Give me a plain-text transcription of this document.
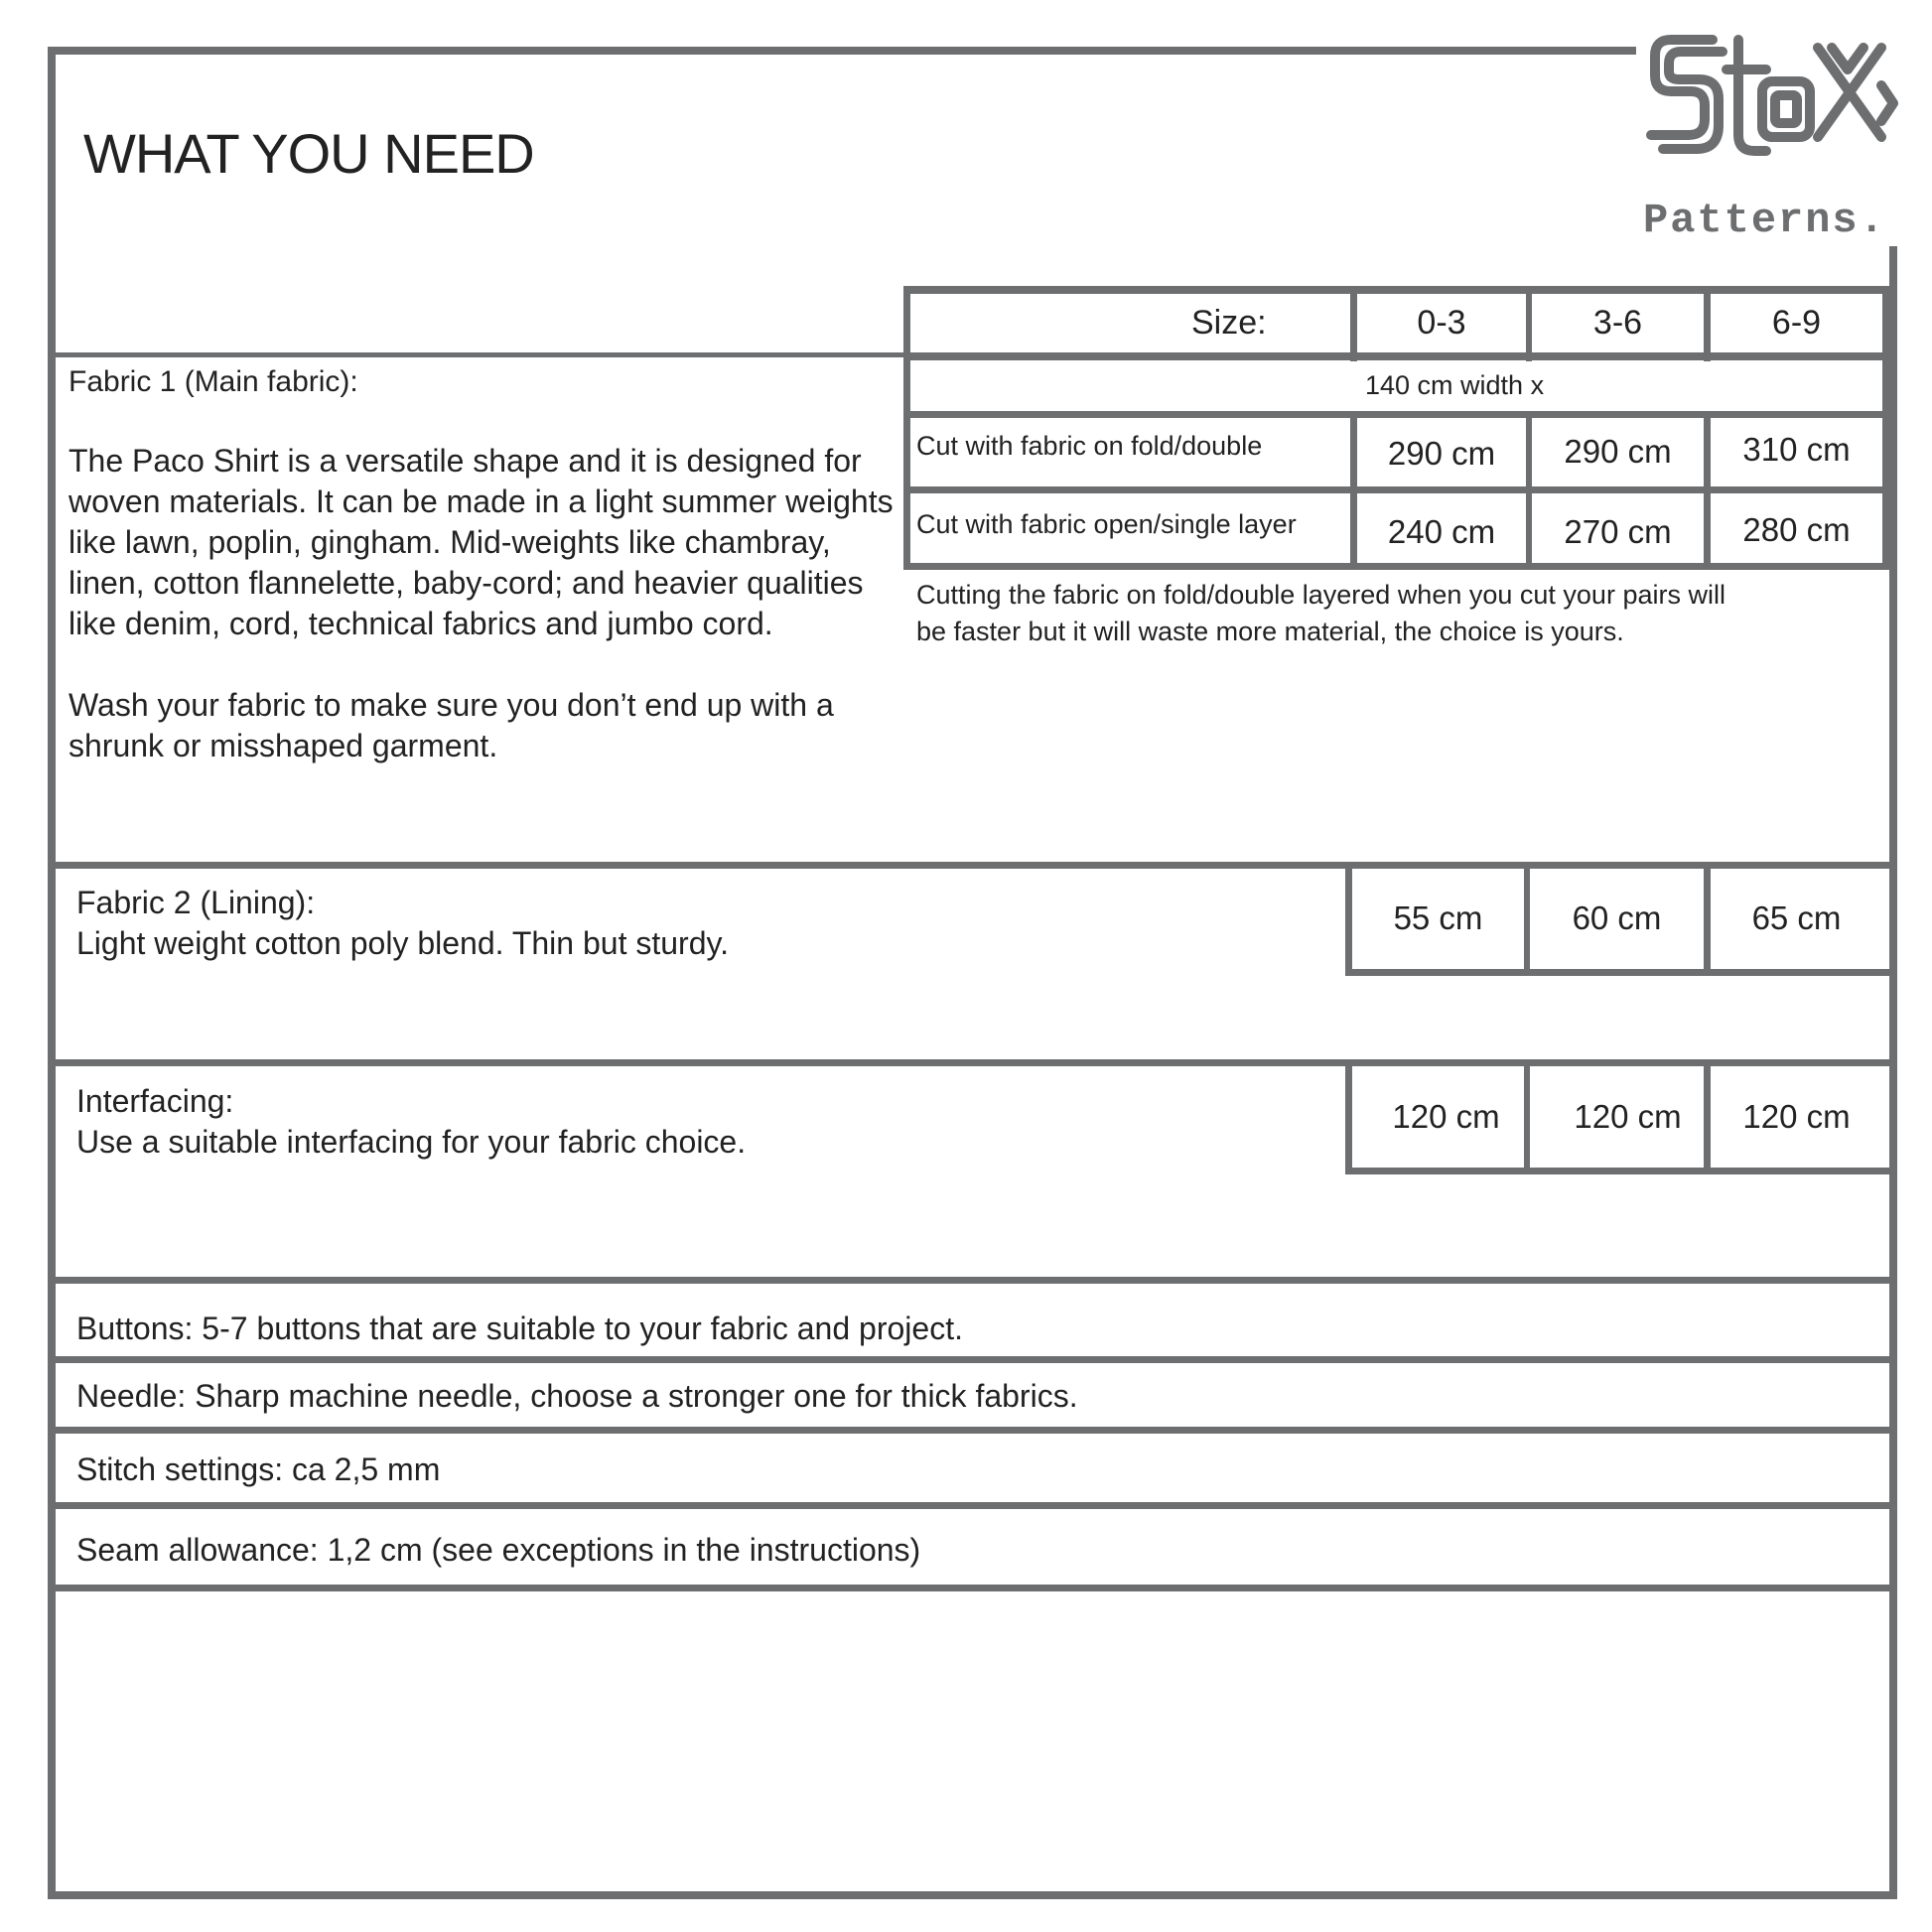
WHAT YOU NEED
Patterns.
Size:	0-3	3-6	6-9
140 cm width x
Cut with fabric on fold/double	290 cm	290 cm	310 cm
Cut with fabric open/single layer	240 cm	270 cm	280 cm
Cutting the fabric on fold/double layered when you cut your pairs will
be faster but it will waste more material, the choice is yours.
Fabric 1 (Main fabric):
The Paco Shirt is a versatile shape and it is designed for
woven materials. It can be made in a light summer weights
like lawn, poplin, gingham. Mid-weights like chambray,
linen, cotton flannelette, baby-cord; and heavier qualities
like denim, cord, technical fabrics and jumbo cord.
Wash your fabric to make sure you don’t end up with a
shrunk or misshaped garment.
Fabric 2 (Lining):
Light weight cotton poly blend. Thin but sturdy.
55 cm	60 cm	65 cm
Interfacing:
Use a suitable interfacing for your fabric choice.
120 cm	120 cm	120 cm
Buttons: 5-7 buttons that are suitable to your fabric and project.
Needle: Sharp machine needle, choose a stronger one for thick fabrics.
Stitch settings: ca 2,5 mm
Seam allowance: 1,2 cm (see exceptions in the instructions)
